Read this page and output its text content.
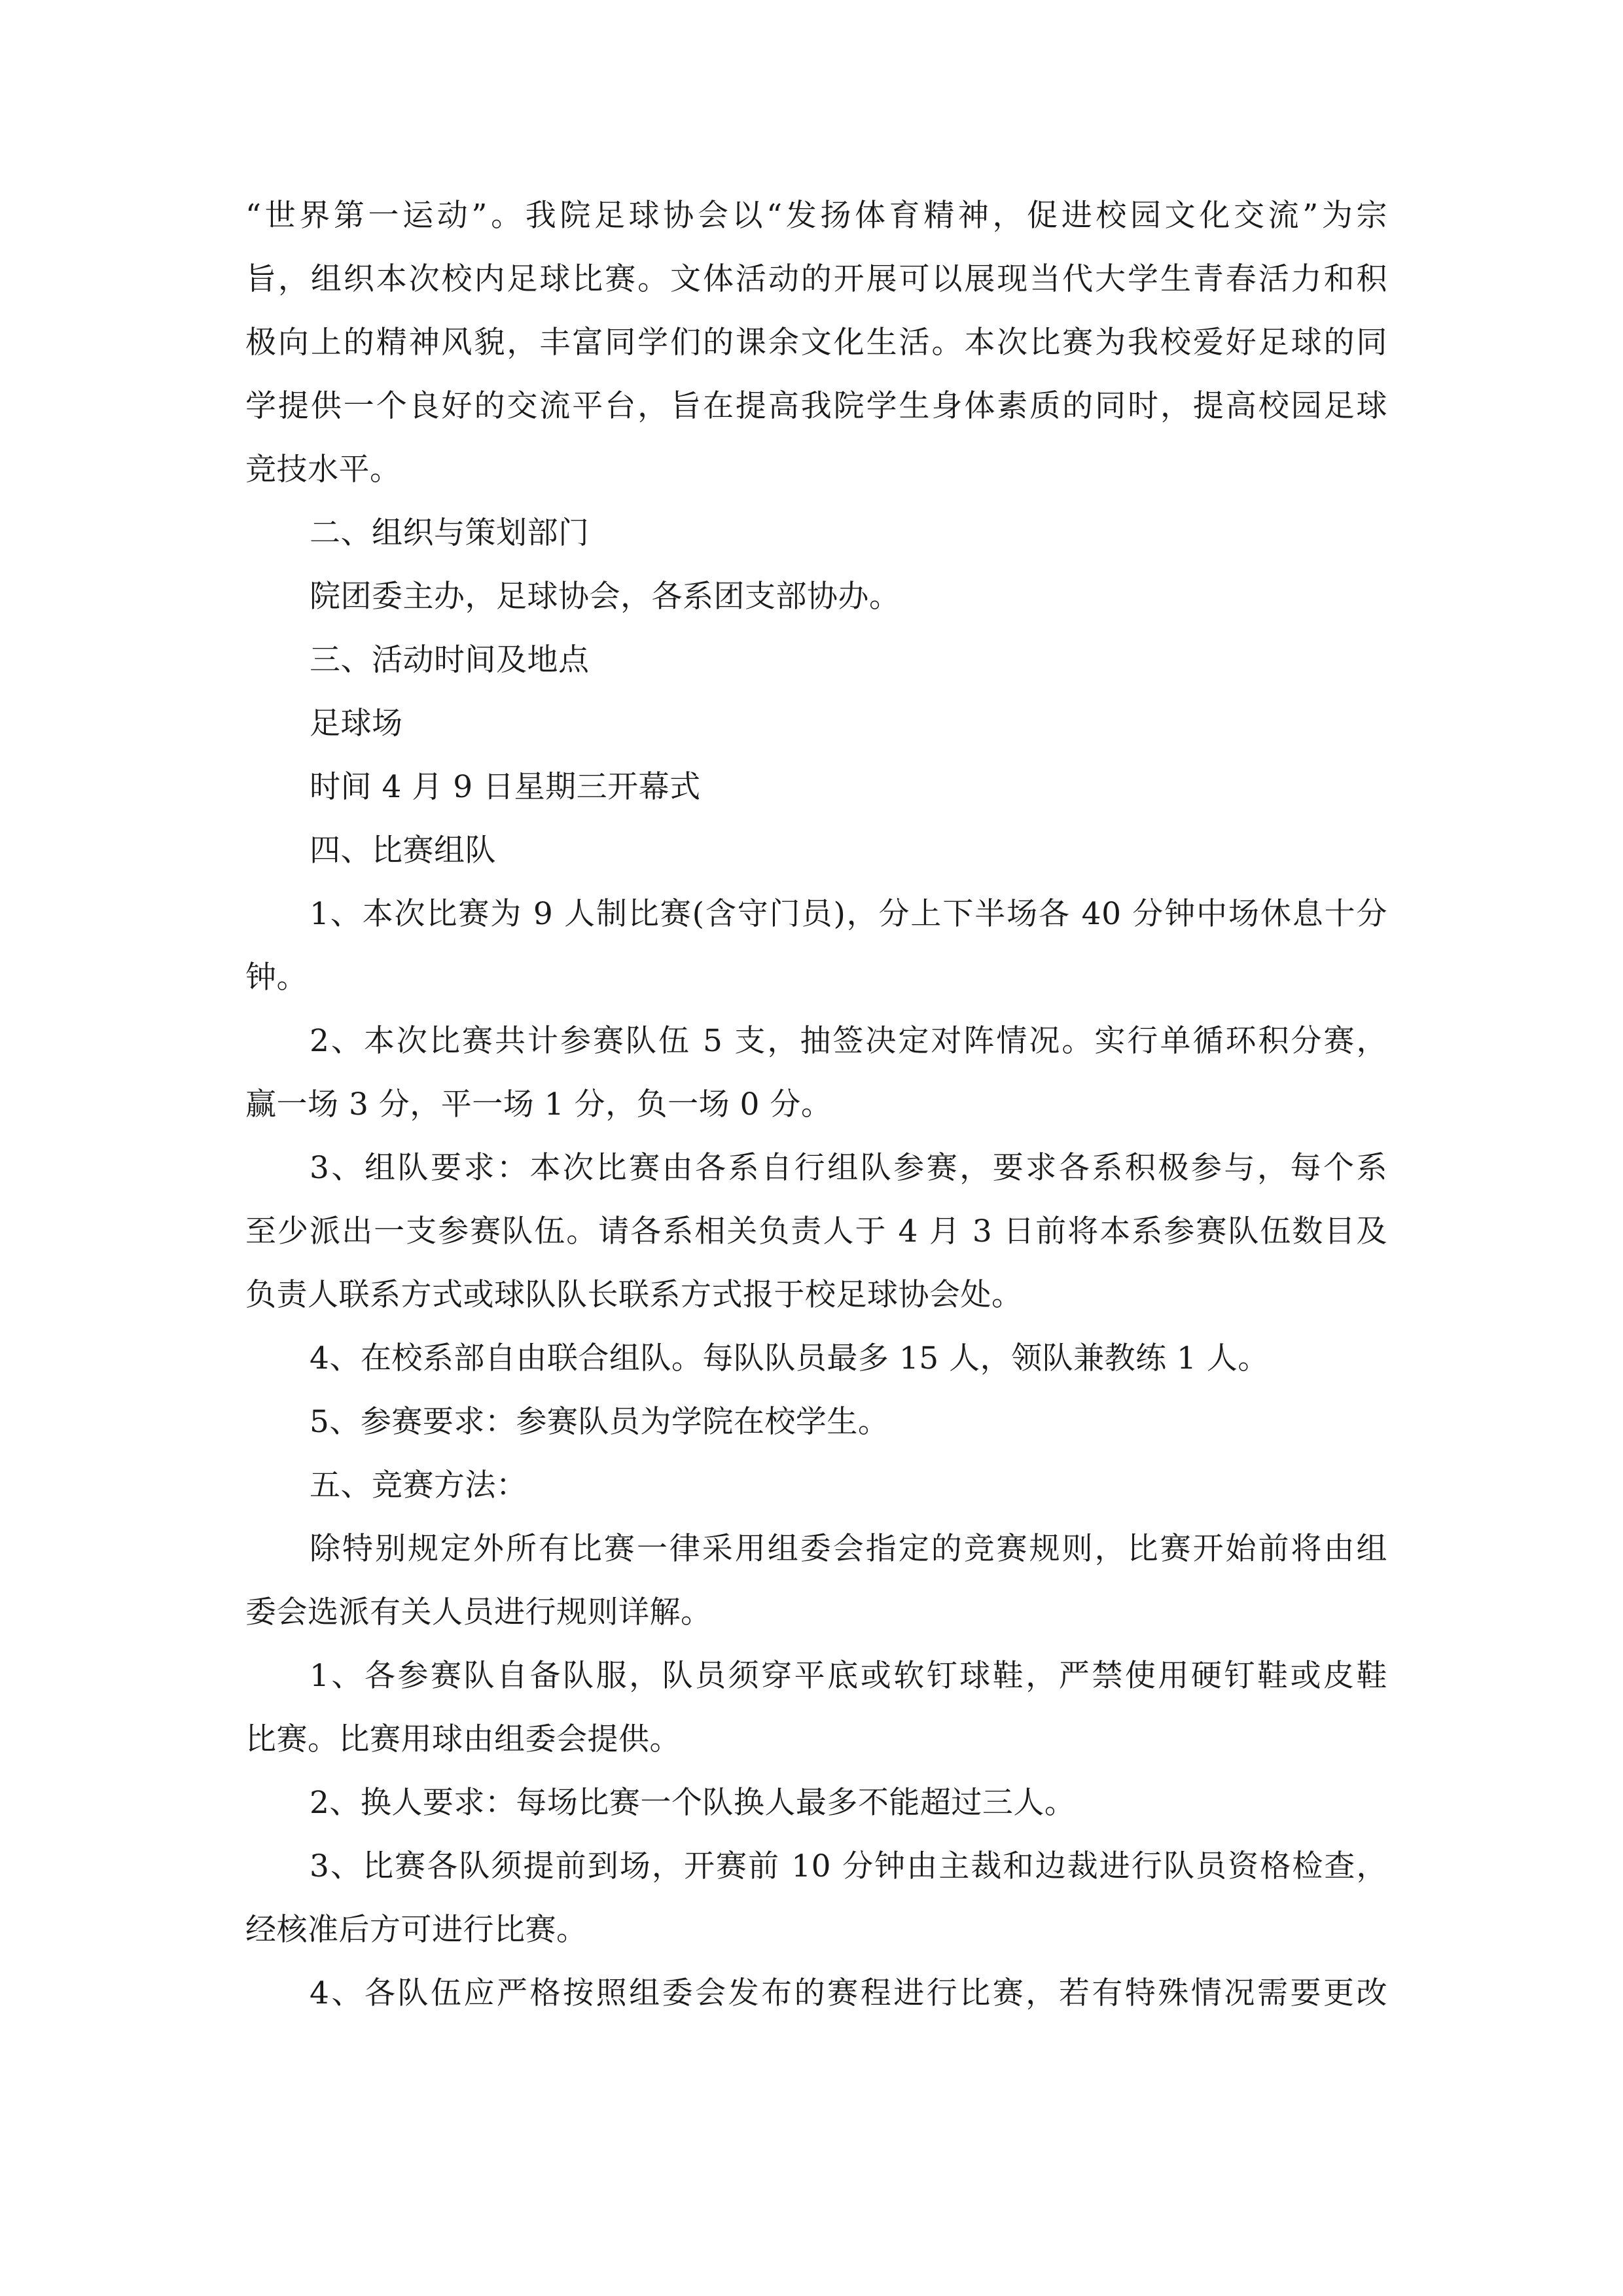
“世界第一运动”。我院足球协会以“发扬体育精神，促进校园文化交流”为宗
旨，组织本次校内足球比赛。文体活动的开展可以展现当代大学生青春活力和积
极向上的精神风貌，丰富同学们的课余文化生活。本次比赛为我校爱好足球的同
学提供一个良好的交流平台，旨在提高我院学生身体素质的同时，提高校园足球
竞技水平。
二、组织与策划部门
院团委主办，足球协会，各系团支部协办。
三、活动时间及地点
足球场
时间 4 月 9 日星期三开幕式
四、比赛组队
1、本次比赛为 9 人制比赛(含守门员)，分上下半场各 40 分钟中场休息十分
钟。
2、本次比赛共计参赛队伍 5 支，抽签决定对阵情况。实行单循环积分赛，
赢一场 3 分，平一场 1 分，负一场 0 分。
3、组队要求：本次比赛由各系自行组队参赛，要求各系积极参与，每个系
至少派出一支参赛队伍。请各系相关负责人于 4 月 3 日前将本系参赛队伍数目及
负责人联系方式或球队队长联系方式报于校足球协会处。
4、在校系部自由联合组队。每队队员最多 15 人，领队兼教练 1 人。
5、参赛要求：参赛队员为学院在校学生。
五、竞赛方法：
除特别规定外所有比赛一律采用组委会指定的竞赛规则，比赛开始前将由组
委会选派有关人员进行规则详解。
1、各参赛队自备队服，队员须穿平底或软钉球鞋，严禁使用硬钉鞋或皮鞋
比赛。比赛用球由组委会提供。
2、换人要求：每场比赛一个队换人最多不能超过三人。
3、比赛各队须提前到场，开赛前 10 分钟由主裁和边裁进行队员资格检查，
经核准后方可进行比赛。
4、各队伍应严格按照组委会发布的赛程进行比赛，若有特殊情况需要更改
